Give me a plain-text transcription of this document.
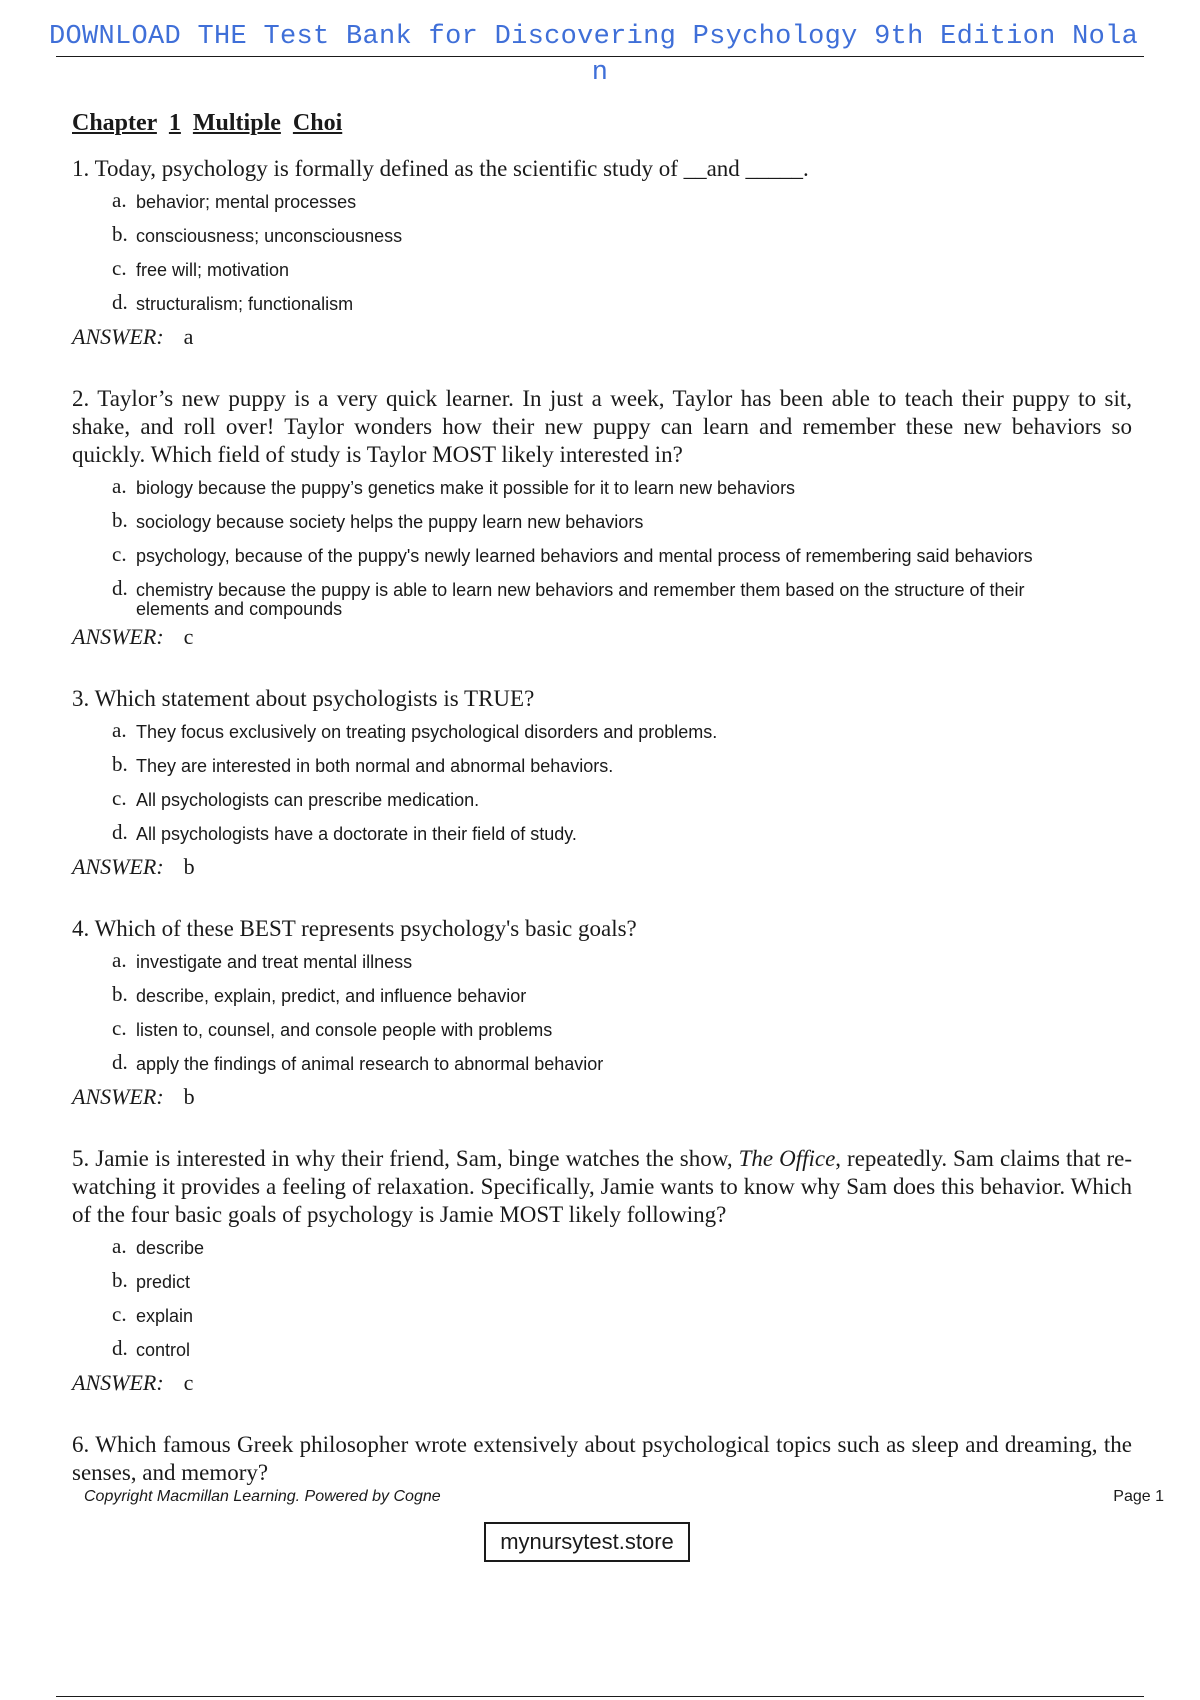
DOWNLOAD THE Test Bank for Discovering Psychology 9th Edition Nola
n
Chapter 1 Multiple Choi

1. Today, psychology is formally defined as the scientific study of __and _____.

a. behavior; mental processes
b. consciousness; unconsciousness
c. free will; motivation
d. structuralism; functionalism
ANSWER: a

2. Taylor’s new puppy is a very quick learner. In just a week, Taylor has been able to teach their puppy to sit, shake, and roll over! Taylor wonders how their new puppy can learn and remember these new behaviors so quickly. Which field of study is Taylor MOST likely interested in?

a. biology because the puppy’s genetics make it possible for it to learn new behaviors
b. sociology because society helps the puppy learn new behaviors
c. psychology, because of the puppy's newly learned behaviors and mental process of remembering said behaviors
d. chemistry because the puppy is able to learn new behaviors and remember them based on the structure of their elements and compounds
ANSWER: c

3. Which statement about psychologists is TRUE?

a. They focus exclusively on treating psychological disorders and problems.
b. They are interested in both normal and abnormal behaviors.
c. All psychologists can prescribe medication.
d. All psychologists have a doctorate in their field of study.
ANSWER: b

4. Which of these BEST represents psychology's basic goals?

a. investigate and treat mental illness
b. describe, explain, predict, and influence behavior
c. listen to, counsel, and console people with problems
d. apply the findings of animal research to abnormal behavior
ANSWER: b

5. Jamie is interested in why their friend, Sam, binge watches the show, The Office, repeatedly. Sam claims that re-watching it provides a feeling of relaxation. Specifically, Jamie wants to know why Sam does this behavior. Which of the four basic goals of psychology is Jamie MOST likely following?

a. describe
b. predict
c. explain
d. control
ANSWER: c

6. Which famous Greek philosopher wrote extensively about psychological topics such as sleep and dreaming, the senses, and memory?

Copyright Macmillan Learning. Powered by Cogne	Page 1
mynursytest.store
